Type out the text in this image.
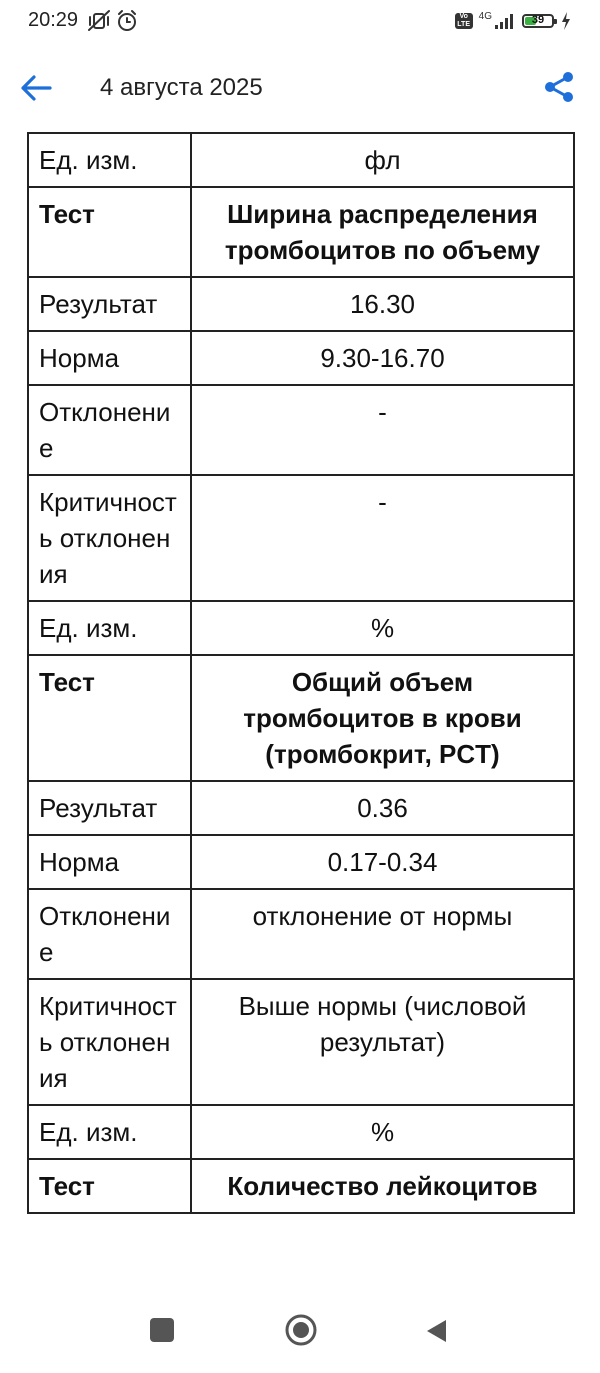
20:29	Vo LTE
4G	39
4 августа 2025
Ед. изм.	фл
Тест	Ширина распределения тромбоцитов по объему
Результат	16.30
Норма	9.30-16.70
Отклонение	-
Критичность отклонения	-
Ед. изм.	%
Тест	Общий объем тромбоцитов в крови (тромбокрит, PCT)
Результат	0.36
Норма	0.17-0.34
Отклонение	отклонение от нормы
Критичность отклонения	Выше нормы (числовой результат)
Ед. изм.	%
Тест	Количество лейкоцитов
